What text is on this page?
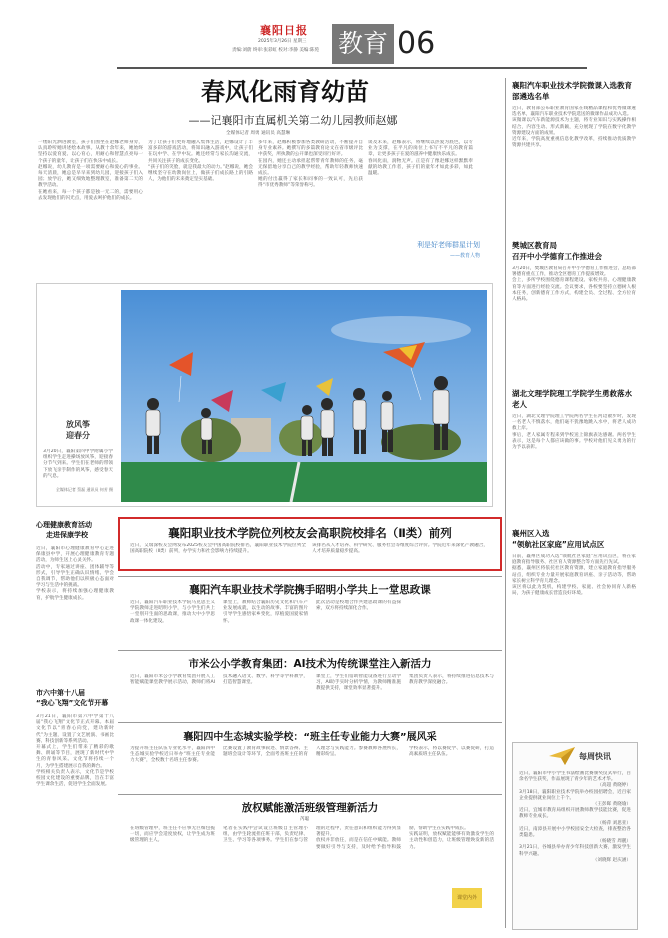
襄阳日报
2025年3月26日 星期三
责编:刘蔚 终审:张彩虹 校对:李静 美编:陈苑 教育 06
春风化雨育幼苗
——记襄阳市直属机关第二幼儿园教师赵娜
全媒体记者 周勇 通讯员 高慧琳
一缕阳光洒进教室，孩子们围坐在赵娜老师身旁，认真聆听她讲述绘本故事。从教十余年来，她始终坚持以爱育爱、以心育心，用耐心和智慧点亮每一个孩子的童年，让孩子们在快乐中成长。
赵娜说，幼儿教育是一项需要耐心和爱心的事业。每天清晨，她总是早早来到幼儿园，迎接孩子们入园；放学后，她又细致地整理教室，准备第二天的教学活动。
在她看来，每一个孩子都是独一无二的，需要用心去发现他们的闪光点，用爱去呵护他们的成长。
为了让孩子们更好地融入集体生活，赵娜设计了丰富多彩的游戏活动，将知识融入游戏中，让孩子们在玩中学、在学中玩。她还经常与家长沟通交流，共同关注孩子的成长变化。
“孩子们的笑脸，就是我最大的动力。”赵娜说，她会继续坚守在幼教岗位上，做孩子们成长路上的引路人，为他们的未来奠定坚实基础。
多年来，赵娜积极参加各类教研活动，不断提升自身专业素养。她撰写的多篇教育论文在省市级评比中获奖，所执教的公开课也深受同行好评。
在园内，她还主动承担起帮带青年教师的任务，毫无保留地分享自己的教学经验，帮助年轻教师快速成长。
她的付出赢得了家长和同事的一致认可，先后获得“市优秀教师”等荣誉称号。
谈及未来，赵娜表示，将继续以热爱为底色，以专业为支撑，在平凡的岗位上书写不平凡的教育篇章，让更多孩子在爱的滋养中健康快乐成长。
春风化雨，润物无声。正是有了像赵娜这样默默奉献的幼教工作者，孩子们的童年才如此多彩，如此温暖。
利是好老师群星计划
——教育人物
放风筝
迎春分
3月20日，襄阳第四中学附属小学组织学生走进操场放风筝，迎接春分节气到来。学生们在老师的带领下放飞亲手制作的风筝，感受春天的气息。
全媒体记者 蔡磊 通讯员 何芳 摄
襄阳职业技术学院位列校友会高职院校排名（Ⅱ类）前列
近日，艾瑞深校友会网发布2025校友会中国高职院校排名，襄阳职业技术学院位列全国高职院校（Ⅱ类）前列，办学实力和社会影响力持续提升。
该排名从人才培养、科学研究、服务社会等维度综合评价。学院近年来深化产教融合，人才培养质量稳步提高。
心理健康教育活动
走进保康学校
近日，襄阳市心理健康教育中心走进保康县中学，开展心理健康教育专题活动，为师生送上心灵关怀。
活动中，专家通过讲座、团体辅导等形式，引导学生正确认识情绪、学会自我调节，帮助他们以积极心态面对学习与生活中的挑战。
学校表示，将持续加强心理健康教育，护航学生健康成长。
市六中第十八届
“我心飞翔”文化节开幕
3月21日，襄阳市第六中学第十八届“我心飞翔”文化节正式开幕。本届文化节以“青春心向党，建功新时代”为主题，设置了文艺展演、书画比赛、科技创新等系列活动。
开幕式上，学生们带来了精彩的歌舞、朗诵等节目，展现了新时代中学生的青春风采。文化节将持续一个月，为学生搭建展示自我的舞台。
学校相关负责人表示，文化节是学校校园文化建设的重要品牌，旨在丰富学生课余生活，促进学生全面发展。
襄阳汽车职业技术学院携手昭明小学共上一堂思政课
近日，襄阳汽车职业技术学院马克思主义学院教师走进昭明小学，与小学生们共上一堂别开生面的思政课，推动大中小学思政课一体化建设。
课堂上，教师结合襄阳历史文化和汽车产业发展成就，以生动的故事、丰富的图片引导学生感悟家乡变化，厚植爱国爱家情怀。
此次活动是校地合作共建思政课的有益探索，双方将持续深化合作。
市米公小学教育集团：AI技术为传统课堂注入新活力
近日，襄阳市米公小学教育集团开展人工智能赋能课堂教学展示活动，教师们将AI技术融入语文、数学、科学等学科教学，打造智慧课堂。
课堂上，学生们借助智能设备进行互动学习，AI助手实时分析学情，为教师精准施教提供支持，课堂效率显著提升。
集团负责人表示，将持续推进信息技术与教育教学深度融合。
襄阳四中生态城实验学校：“班主任专业能力大赛”展风采
为提升班主任队伍专业化水平，襄阳四中生态城实验学校近日举办“班主任专业能力大赛”，全校数十名班主任参赛。
比赛设置了教育故事叙述、情景答辩、主题班会设计等环节，全面考查班主任的育人理念与实践能力。参赛教师各展所长，精彩纷呈。
学校表示，将以赛促学、以赛促研，打造高素质班主任队伍。
放权赋能激活班级管理新活力
芮聪
在班级管理中，班主任不应事无巨细包揽一切，而应学会适度放权，让学生成为班级管理的主人。
笔者在实践中尝试设立班级自主管理小组，由学生轮流担任班干部，负责纪律、卫生、学习等各项事务。学生们在参与管理的过程中，责任意识和组织能力得到显著提升。
放权并非放任，而是在信任中赋能。教师要做好引导与支持，及时给予指导和鼓励，帮助学生在实践中成长。
实践证明，放权赋能能够有效激发学生的主动性和创造力，让班级管理焕发新的活力。
课堂内外
襄阳汽车职业技术学院微课入选教育部遴选名单
近日，教育部公布职业教育国家在线精品课程和优秀微课遴选名单，襄阳汽车职业技术学院选送的微课作品成功入选。
该微课以汽车新能源技术为主题，将专业知识与实践操作相结合，内容生动、形式新颖，充分展现了学院在数字化教学资源建设方面的成果。
近年来，学院高度重视信息化教学改革，持续推动优质教学资源共建共享。
樊城区教育局
召开中小学德育工作推进会
3月20日，樊城区教育局召开中小学德育工作推进会，总结部署德育重点工作，推动全区德育工作提质增效。
会上，多所学校围绕德育课程建设、家校共育、心理健康教育等方面进行经验交流。会议要求，各校要坚持立德树人根本任务，创新德育工作方式，构建全员、全过程、全方位育人格局。
湖北文理学院理工学院学生勇救落水老人
近日，湖北文理学院理工学院两名学生在河边散步时，发现一名老人不慎落水，他们毫不犹豫地跳入水中，将老人成功救上岸。
事后，老人家属专程来到学校送上锦旗表达感谢。两名学生表示，这是每个人都应该做的事。学校对他们见义勇为的行为予以表彰。
襄州区入选
“领航社区家庭”应用试点区
日前，襄州区成功入选“领航社区家庭”应用试点区，将在家庭教育指导服务、社区育人资源整合等方面先行先试。
据悉，襄州区将依托社区教育资源，建立家庭教育指导服务站点，组织专业力量开展家庭教育讲座、亲子活动等，帮助家长树立科学育儿理念。
该区将以此为契机，构建学校、家庭、社会协同育人新格局，为孩子健康成长营造良好环境。
每周快讯
近日，襄阳市中小学生书法绘画比赛颁奖仪式举行，百余名学生获奖，作品展现了青少年的艺术才华。
（高超 黄晓婷）
3月18日，襄阳职业技术学院举办校园招聘会，近百家企业提供就业岗位上千个。
（王彭晖 黄晓瑜）
近日，宜城市教育局组织开展教师教学技能比赛，促进教师专业成长。
（杨萍 刘思亚）
近日，南漳县开展中小学校园安全大检查，排查整治各类隐患。
（杨晓雪 周靓）
3月21日，谷城县举办青少年科技创新大赛，激发学生科学兴趣。
（刘晓辉 赵庆涵）
